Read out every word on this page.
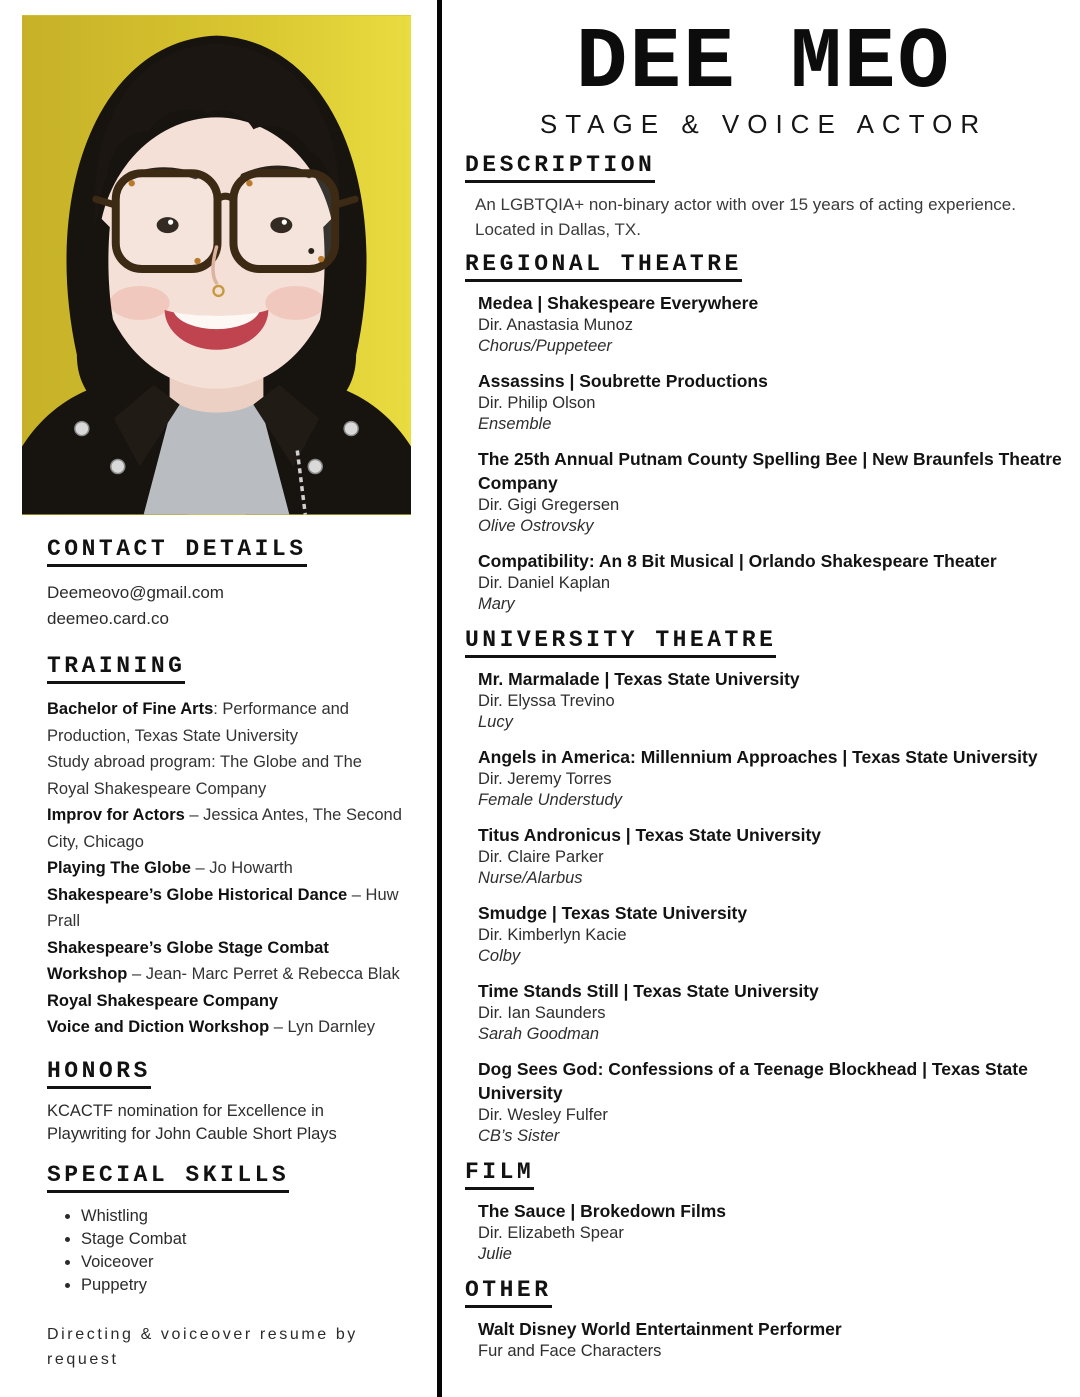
CONTACT DETAILS

Deemeovo@gmail.com

deemeo.card.co

TRAINING

Bachelor of Fine Arts: Performance and Production, Texas State University

Study abroad program: The Globe and The Royal Shakespeare Company

Improv for Actors – Jessica Antes, The Second City, Chicago

Playing The Globe – Jo Howarth

Shakespeare’s Globe Historical Dance – Huw Prall

Shakespeare’s Globe Stage Combat Workshop – Jean- Marc Perret & Rebecca Blak

Royal Shakespeare Company

Voice and Diction Workshop – Lyn Darnley

HONORS

KCACTF nomination for Excellence in Playwriting for John Cauble Short Plays

SPECIAL SKILLS
• Whistling
• Stage Combat
• Voiceover
• Puppetry

Directing & voiceover resume by request

DEE MEO

STAGE & VOICE ACTOR

DESCRIPTION

An LGBTQIA+ non-binary actor with over 15 years of acting experience. Located in Dallas, TX.

REGIONAL THEATRE

Medea | Shakespeare Everywhere

Dir. Anastasia Munoz

Chorus/Puppeteer

Assassins | Soubrette Productions

Dir. Philip Olson

Ensemble

The 25th Annual Putnam County Spelling Bee | New Braunfels Theatre Company

Dir. Gigi Gregersen

Olive Ostrovsky

Compatibility: An 8 Bit Musical | Orlando Shakespeare Theater

Dir. Daniel Kaplan

Mary

UNIVERSITY THEATRE

Mr. Marmalade | Texas State University

Dir. Elyssa Trevino

Lucy

Angels in America: Millennium Approaches | Texas State University

Dir. Jeremy Torres

Female Understudy

Titus Andronicus | Texas State University

Dir. Claire Parker

Nurse/Alarbus

Smudge | Texas State University

Dir. Kimberlyn Kacie

Colby

Time Stands Still | Texas State University

Dir. Ian Saunders

Sarah Goodman

Dog Sees God: Confessions of a Teenage Blockhead | Texas State University

Dir. Wesley Fulfer

CB’s Sister

FILM

The Sauce | Brokedown Films

Dir. Elizabeth Spear

Julie

OTHER

Walt Disney World Entertainment Performer

Fur and Face Characters
